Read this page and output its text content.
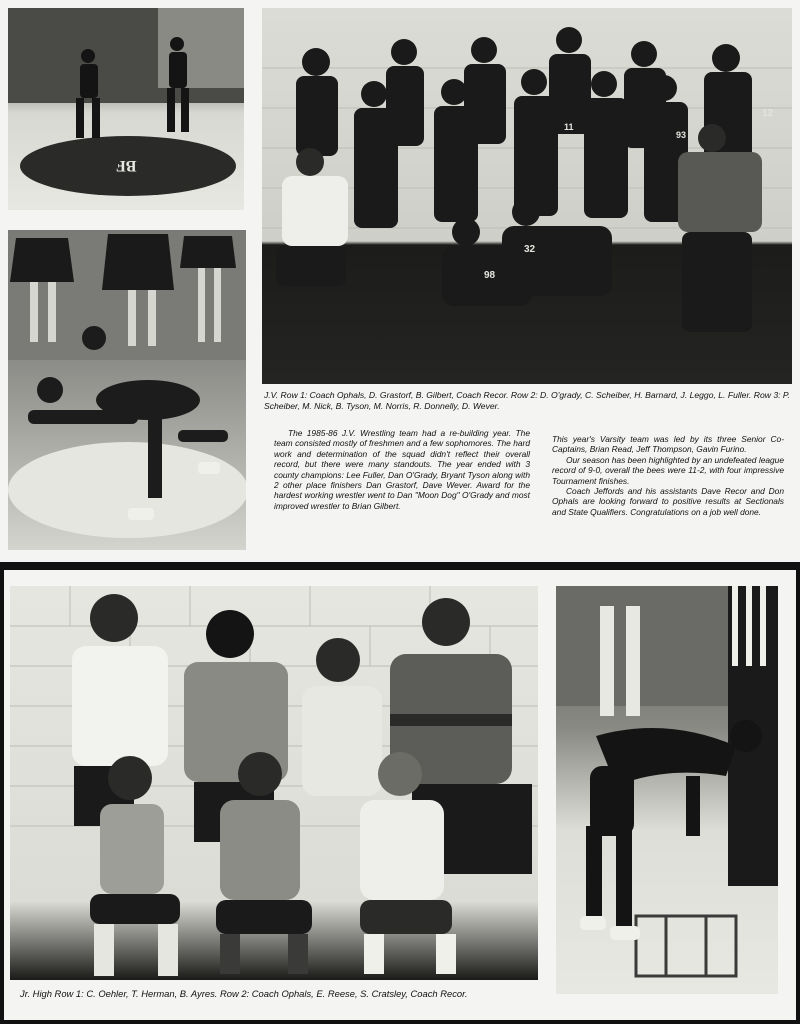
BF
12
11
93
98
32
J.V. Row 1: Coach Ophals, D. Grastorf, B. Gilbert, Coach Recor. Row 2: D. O'grady, C. Scheiber, H. Barnard, J. Leggo, L. Fuller. Row 3: P. Scheiber, M. Nick, B. Tyson, M. Norris, R. Donnelly, D. Wever.

The 1985-86 J.V. Wrestling team had a re-building year. The team consisted mostly of freshmen and a few sophomores. The hard work and determination of the squad didn't reflect their overall record, but there were many standouts. The year ended with 3 county champions: Lee Fuller, Dan O'Grady, Bryant Tyson along with 2 other place finishers Dan Grastorf, Dave Wever. Award for the hardest working wrestler went to Dan "Moon Dog" O'Grady and most improved wrestler to Brian Gilbert.

This year's Varsity team was led by its three Senior Co-Captains, Brian Read, Jeff Thompson, Gavin Furino.

Our season has been highlighted by an undefeated league record of 9-0, overall the bees were 11-2, with four impressive Tournament finishes.

Coach Jeffords and his assistants Dave Recor and Don Ophals are looking forward to positive results at Sectionals and State Qualifiers. Congratulations on a job well done.

Jr. High Row 1: C. Oehler, T. Herman, B. Ayres. Row 2: Coach Ophals, E. Reese, S. Cratsley, Coach Recor.
